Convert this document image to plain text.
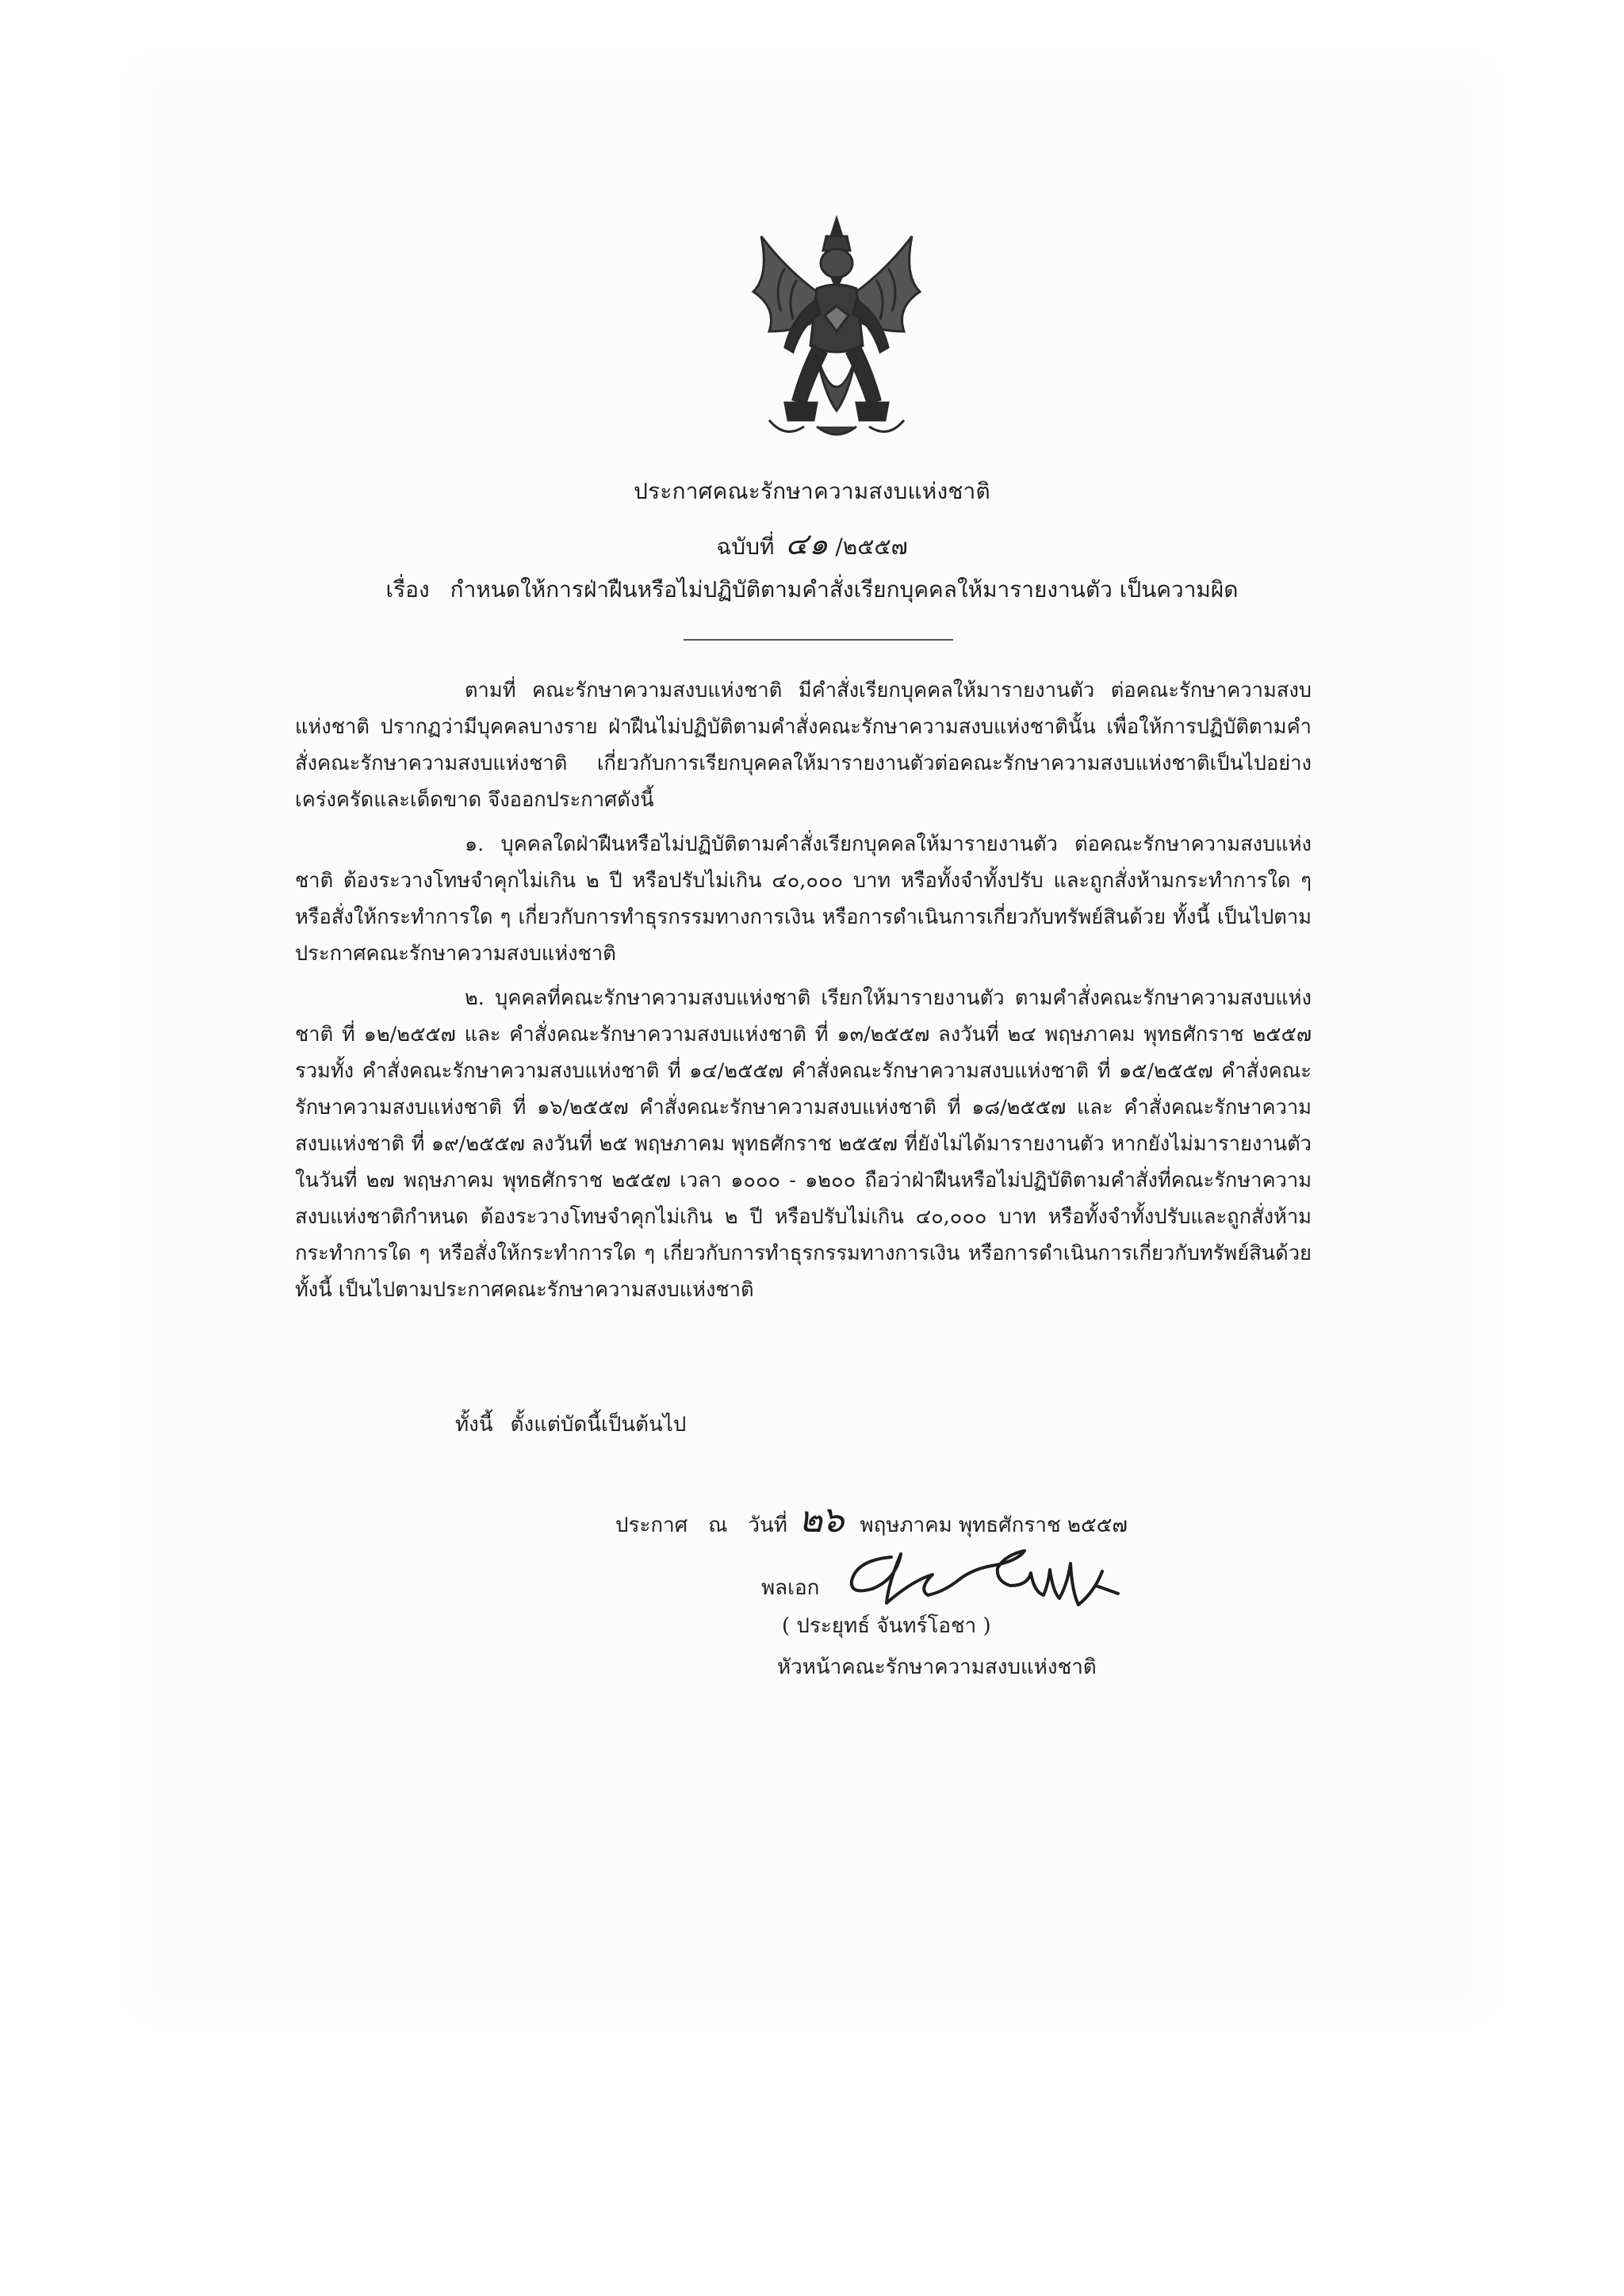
ประกาศคณะรักษาความสงบแห่งชาติ
ฉบับที่ ๔๑ /๒๕๕๗
เรื่อง กำหนดให้การฝ่าฝืนหรือไม่ปฏิบัติตามคำสั่งเรียกบุคคลให้มารายงานตัว เป็นความผิด

ตามที่ คณะรักษาความสงบแห่งชาติ มีคำสั่งเรียกบุคคลให้มารายงานตัว ต่อคณะรักษาความสงบแห่งชาติ ปรากฏว่ามีบุคคลบางราย ฝ่าฝืนไม่ปฏิบัติตามคำสั่งคณะรักษาความสงบแห่งชาตินั้น เพื่อให้การปฏิบัติตามคำสั่งคณะรักษาความสงบแห่งชาติ เกี่ยวกับการเรียกบุคคลให้มารายงานตัวต่อคณะรักษาความสงบแห่งชาติเป็นไปอย่างเคร่งครัดและเด็ดขาด จึงออกประกาศดังนี้

๑. บุคคลใดฝ่าฝืนหรือไม่ปฏิบัติตามคำสั่งเรียกบุคคลให้มารายงานตัว ต่อคณะรักษาความสงบแห่งชาติ ต้องระวางโทษจำคุกไม่เกิน ๒ ปี หรือปรับไม่เกิน ๔๐,๐๐๐ บาท หรือทั้งจำทั้งปรับ และถูกสั่งห้ามกระทำการใด ๆ หรือสั่งให้กระทำการใด ๆ เกี่ยวกับการทำธุรกรรมทางการเงิน หรือการดำเนินการเกี่ยวกับทรัพย์สินด้วย ทั้งนี้ เป็นไปตามประกาศคณะรักษาความสงบแห่งชาติ

๒. บุคคลที่คณะรักษาความสงบแห่งชาติ เรียกให้มารายงานตัว ตามคำสั่งคณะรักษาความสงบแห่งชาติ ที่ ๑๒/๒๕๕๗ และ คำสั่งคณะรักษาความสงบแห่งชาติ ที่ ๑๓/๒๕๕๗ ลงวันที่ ๒๔ พฤษภาคม พุทธศักราช ๒๕๕๗ รวมทั้ง คำสั่งคณะรักษาความสงบแห่งชาติ ที่ ๑๔/๒๕๕๗ คำสั่งคณะรักษาความสงบแห่งชาติ ที่ ๑๕/๒๕๕๗ คำสั่งคณะรักษาความสงบแห่งชาติ ที่ ๑๖/๒๕๕๗ คำสั่งคณะรักษาความสงบแห่งชาติ ที่ ๑๘/๒๕๕๗ และ คำสั่งคณะรักษาความสงบแห่งชาติ ที่ ๑๙/๒๕๕๗ ลงวันที่ ๒๕ พฤษภาคม พุทธศักราช ๒๕๕๗ ที่ยังไม่ได้มารายงานตัว หากยังไม่มารายงานตัว ในวันที่ ๒๗ พฤษภาคม พุทธศักราช ๒๕๕๗ เวลา ๑๐๐๐ - ๑๒๐๐ ถือว่าฝ่าฝืนหรือไม่ปฏิบัติตามคำสั่งที่คณะรักษาความสงบแห่งชาติกำหนด ต้องระวางโทษจำคุกไม่เกิน ๒ ปี หรือปรับไม่เกิน ๔๐,๐๐๐ บาท หรือทั้งจำทั้งปรับและถูกสั่งห้ามกระทำการใด ๆ หรือสั่งให้กระทำการใด ๆ เกี่ยวกับการทำธุรกรรมทางการเงิน หรือการดำเนินการเกี่ยวกับทรัพย์สินด้วย ทั้งนี้ เป็นไปตามประกาศคณะรักษาความสงบแห่งชาติ

ทั้งนี้ ตั้งแต่บัดนี้เป็นต้นไป
ประกาศ ณ วันที่ ๒๖ พฤษภาคม พุทธศักราช ๒๕๕๗
พลเอก
( ประยุทธ์ จันทร์โอชา )
หัวหน้าคณะรักษาความสงบแห่งชาติ
